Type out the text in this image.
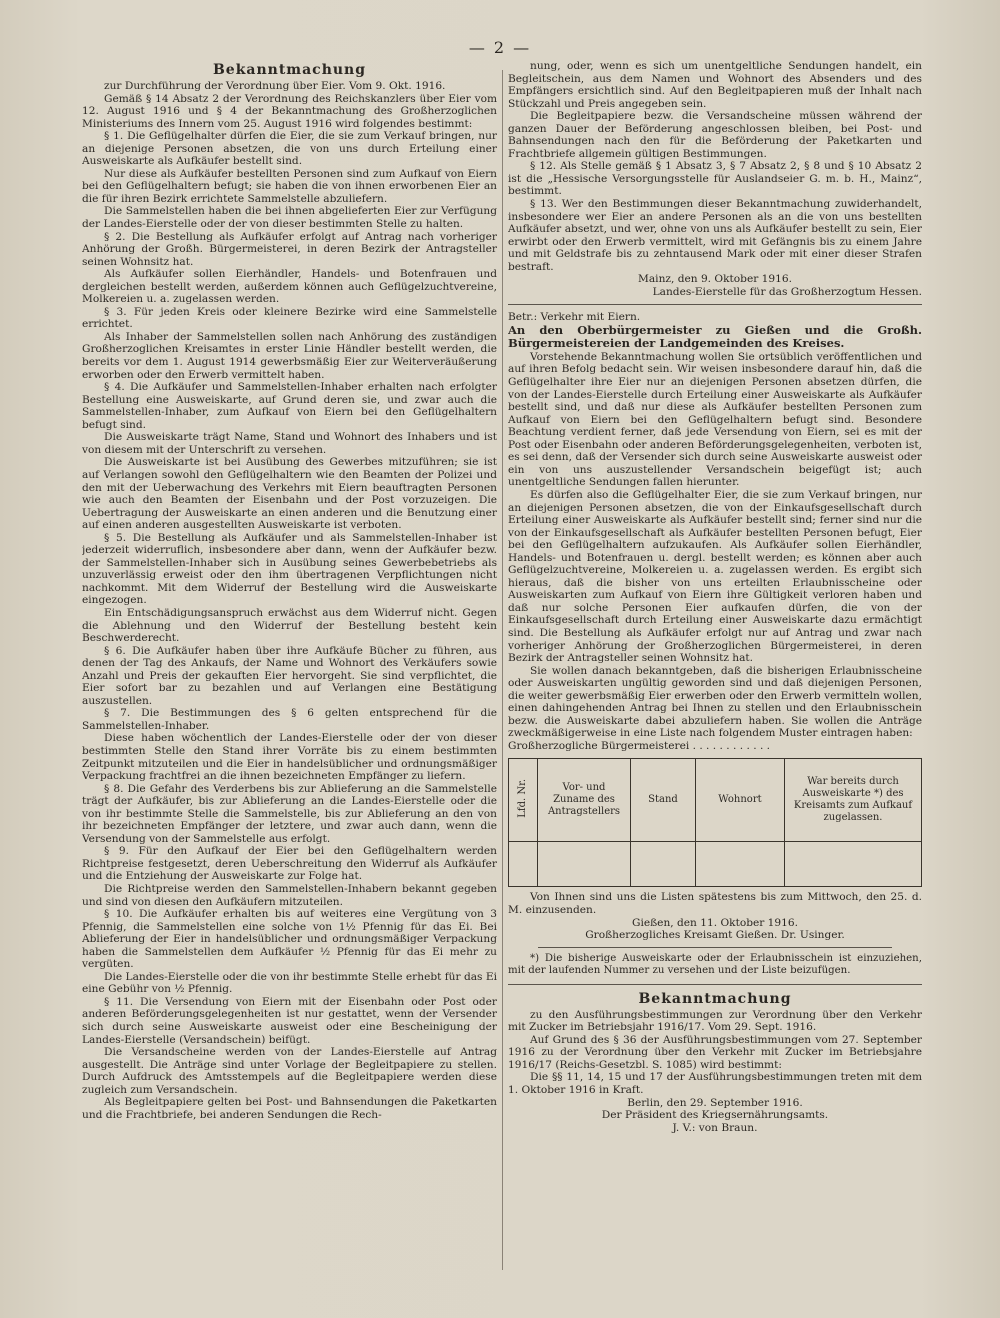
— 2 —
Bekanntmachung

zur Durchführung der Verordnung über Eier. Vom 9. Okt. 1916.

Gemäß § 14 Absatz 2 der Verordnung des Reichskanzlers über Eier vom 12. August 1916 und § 4 der Bekanntmachung des Großherzoglichen Ministeriums des Innern vom 25. August 1916 wird folgendes bestimmt:

§ 1. Die Geflügelhalter dürfen die Eier, die sie zum Verkauf bringen, nur an diejenige Personen absetzen, die von uns durch Erteilung einer Ausweiskarte als Aufkäufer bestellt sind.

Nur diese als Aufkäufer bestellten Personen sind zum Aufkauf von Eiern bei den Geflügelhaltern befugt; sie haben die von ihnen erworbenen Eier an die für ihren Bezirk errichtete Sammelstelle abzuliefern.

Die Sammelstellen haben die bei ihnen abgelieferten Eier zur Verfügung der Landes-Eierstelle oder der von dieser bestimmten Stelle zu halten.

§ 2. Die Bestellung als Aufkäufer erfolgt auf Antrag nach vorheriger Anhörung der Großh. Bürgermeisterei, in deren Bezirk der Antragsteller seinen Wohnsitz hat.

Als Aufkäufer sollen Eierhändler, Handels- und Botenfrauen und dergleichen bestellt werden, außerdem können auch Geflügelzuchtvereine, Molkereien u. a. zugelassen werden.

§ 3. Für jeden Kreis oder kleinere Bezirke wird eine Sammelstelle errichtet.

Als Inhaber der Sammelstellen sollen nach Anhörung des zuständigen Großherzoglichen Kreisamtes in erster Linie Händler bestellt werden, die bereits vor dem 1. August 1914 gewerbsmäßig Eier zur Weiterveräußerung erworben oder den Erwerb vermittelt haben.

§ 4. Die Aufkäufer und Sammelstellen-Inhaber erhalten nach erfolgter Bestellung eine Ausweiskarte, auf Grund deren sie, und zwar auch die Sammelstellen-Inhaber, zum Aufkauf von Eiern bei den Geflügelhaltern befugt sind.

Die Ausweiskarte trägt Name, Stand und Wohnort des Inhabers und ist von diesem mit der Unterschrift zu versehen.

Die Ausweiskarte ist bei Ausübung des Gewerbes mitzuführen; sie ist auf Verlangen sowohl den Geflügelhaltern wie den Beamten der Polizei und den mit der Ueberwachung des Verkehrs mit Eiern beauftragten Personen wie auch den Beamten der Eisenbahn und der Post vorzuzeigen. Die Uebertragung der Ausweiskarte an einen anderen und die Benutzung einer auf einen anderen ausgestellten Ausweiskarte ist verboten.

§ 5. Die Bestellung als Aufkäufer und als Sammelstellen-Inhaber ist jederzeit widerruflich, insbesondere aber dann, wenn der Aufkäufer bezw. der Sammelstellen-Inhaber sich in Ausübung seines Gewerbebetriebs als unzuverlässig erweist oder den ihm übertragenen Verpflichtungen nicht nachkommt. Mit dem Widerruf der Bestellung wird die Ausweiskarte eingezogen.

Ein Entschädigungsanspruch erwächst aus dem Widerruf nicht. Gegen die Ablehnung und den Widerruf der Bestellung besteht kein Beschwerderecht.

§ 6. Die Aufkäufer haben über ihre Aufkäufe Bücher zu führen, aus denen der Tag des Ankaufs, der Name und Wohnort des Verkäufers sowie Anzahl und Preis der gekauften Eier hervorgeht. Sie sind verpflichtet, die Eier sofort bar zu bezahlen und auf Verlangen eine Bestätigung auszustellen.

§ 7. Die Bestimmungen des § 6 gelten entsprechend für die Sammelstellen-Inhaber.

Diese haben wöchentlich der Landes-Eierstelle oder der von dieser bestimmten Stelle den Stand ihrer Vorräte bis zu einem bestimmten Zeitpunkt mitzuteilen und die Eier in handelsüblicher und ordnungsmäßiger Verpackung frachtfrei an die ihnen bezeichneten Empfänger zu liefern.

§ 8. Die Gefahr des Verderbens bis zur Ablieferung an die Sammelstelle trägt der Aufkäufer, bis zur Ablieferung an die Landes-Eierstelle oder die von ihr bestimmte Stelle die Sammelstelle, bis zur Ablieferung an den von ihr bezeichneten Empfänger der letztere, und zwar auch dann, wenn die Versendung von der Sammelstelle aus erfolgt.

§ 9. Für den Aufkauf der Eier bei den Geflügelhaltern werden Richtpreise festgesetzt, deren Ueberschreitung den Widerruf als Aufkäufer und die Entziehung der Ausweiskarte zur Folge hat.

Die Richtpreise werden den Sammelstellen-Inhabern bekannt gegeben und sind von diesen den Aufkäufern mitzuteilen.

§ 10. Die Aufkäufer erhalten bis auf weiteres eine Vergütung von 3 Pfennig, die Sammelstellen eine solche von 1½ Pfennig für das Ei. Bei Ablieferung der Eier in handelsüblicher und ordnungsmäßiger Verpackung haben die Sammelstellen dem Aufkäufer ½ Pfennig für das Ei mehr zu vergüten.

Die Landes-Eierstelle oder die von ihr bestimmte Stelle erhebt für das Ei eine Gebühr von ½ Pfennig.

§ 11. Die Versendung von Eiern mit der Eisenbahn oder Post oder anderen Beförderungsgelegenheiten ist nur gestattet, wenn der Versender sich durch seine Ausweiskarte ausweist oder eine Bescheinigung der Landes-Eierstelle (Versandschein) beifügt.

Die Versandscheine werden von der Landes-Eierstelle auf Antrag ausgestellt. Die Anträge sind unter Vorlage der Begleitpapiere zu stellen. Durch Aufdruck des Amtsstempels auf die Begleitpapiere werden diese zugleich zum Versandschein.

Als Begleitpapiere gelten bei Post- und Bahnsendungen die Paketkarten und die Frachtbriefe, bei anderen Sendungen die Rech-

nung, oder, wenn es sich um unentgeltliche Sendungen handelt, ein Begleitschein, aus dem Namen und Wohnort des Absenders und des Empfängers ersichtlich sind. Auf den Begleitpapieren muß der Inhalt nach Stückzahl und Preis angegeben sein.

Die Begleitpapiere bezw. die Versandscheine müssen während der ganzen Dauer der Beförderung angeschlossen bleiben, bei Post- und Bahnsendungen nach den für die Beförderung der Paketkarten und Frachtbriefe allgemein gültigen Bestimmungen.

§ 12. Als Stelle gemäß § 1 Absatz 3, § 7 Absatz 2, § 8 und § 10 Absatz 2 ist die „Hessische Versorgungsstelle für Auslandseier G. m. b. H., Mainz“, bestimmt.

§ 13. Wer den Bestimmungen dieser Bekanntmachung zuwiderhandelt, insbesondere wer Eier an andere Personen als an die von uns bestellten Aufkäufer absetzt, und wer, ohne von uns als Aufkäufer bestellt zu sein, Eier erwirbt oder den Erwerb vermittelt, wird mit Gefängnis bis zu einem Jahre und mit Geldstrafe bis zu zehntausend Mark oder mit einer dieser Strafen bestraft.

Mainz, den 9. Oktober 1916.

Landes-Eierstelle für das Großherzogtum Hessen.

Betr.: Verkehr mit Eiern.

An den Oberbürgermeister zu Gießen und die Großh. Bürgermeistereien der Landgemeinden des Kreises.

Vorstehende Bekanntmachung wollen Sie ortsüblich veröffentlichen und auf ihren Befolg bedacht sein. Wir weisen insbesondere darauf hin, daß die Geflügelhalter ihre Eier nur an diejenigen Personen absetzen dürfen, die von der Landes-Eierstelle durch Erteilung einer Ausweiskarte als Aufkäufer bestellt sind, und daß nur diese als Aufkäufer bestellten Personen zum Aufkauf von Eiern bei den Geflügelhaltern befugt sind. Besondere Beachtung verdient ferner, daß jede Versendung von Eiern, sei es mit der Post oder Eisenbahn oder anderen Beförderungsgelegenheiten, verboten ist, es sei denn, daß der Versender sich durch seine Ausweiskarte ausweist oder ein von uns auszustellender Versandschein beigefügt ist; auch unentgeltliche Sendungen fallen hierunter.

Es dürfen also die Geflügelhalter Eier, die sie zum Verkauf bringen, nur an diejenigen Personen absetzen, die von der Einkaufsgesellschaft durch Erteilung einer Ausweiskarte als Aufkäufer bestellt sind; ferner sind nur die von der Einkaufsgesellschaft als Aufkäufer bestellten Personen befugt, Eier bei den Geflügelhaltern aufzukaufen. Als Aufkäufer sollen Eierhändler, Handels- und Botenfrauen u. dergl. bestellt werden; es können aber auch Geflügelzuchtvereine, Molkereien u. a. zugelassen werden. Es ergibt sich hieraus, daß die bisher von uns erteilten Erlaubnisscheine oder Ausweiskarten zum Aufkauf von Eiern ihre Gültigkeit verloren haben und daß nur solche Personen Eier aufkaufen dürfen, die von der Einkaufsgesellschaft durch Erteilung einer Ausweiskarte dazu ermächtigt sind. Die Bestellung als Aufkäufer erfolgt nur auf Antrag und zwar nach vorheriger Anhörung der Großherzoglichen Bürgermeisterei, in deren Bezirk der Antragsteller seinen Wohnsitz hat.

Sie wollen danach bekanntgeben, daß die bisherigen Erlaubnisscheine oder Ausweiskarten ungültig geworden sind und daß diejenigen Personen, die weiter gewerbsmäßig Eier erwerben oder den Erwerb vermitteln wollen, einen dahingehenden Antrag bei Ihnen zu stellen und den Erlaubnisschein bezw. die Ausweiskarte dabei abzuliefern haben. Sie wollen die Anträge zweckmäßigerweise in eine Liste nach folgendem Muster eintragen haben:

Großherzogliche Bürgermeisterei . . . . . . . . . . . .

Lfd. Nr.	Vor- und Zuname des Antragstellers	Stand	Wohnort	War bereits durch Ausweiskarte *) des Kreisamts zum Aufkauf zugelassen.

Von Ihnen sind uns die Listen spätestens bis zum Mittwoch, den 25. d. M. einzusenden.

Gießen, den 11. Oktober 1916.

Großherzogliches Kreisamt Gießen. Dr. Usinger.

*) Die bisherige Ausweiskarte oder der Erlaubnisschein ist einzuziehen, mit der laufenden Nummer zu versehen und der Liste beizufügen.

Bekanntmachung

zu den Ausführungsbestimmungen zur Verordnung über den Verkehr mit Zucker im Betriebsjahr 1916/17. Vom 29. Sept. 1916.

Auf Grund des § 36 der Ausführungsbestimmungen vom 27. September 1916 zu der Verordnung über den Verkehr mit Zucker im Betriebsjahre 1916/17 (Reichs-Gesetzbl. S. 1085) wird bestimmt:

Die §§ 11, 14, 15 und 17 der Ausführungsbestimmungen treten mit dem 1. Oktober 1916 in Kraft.

Berlin, den 29. September 1916.

Der Präsident des Kriegsernährungsamts.

J. V.: von Braun.
